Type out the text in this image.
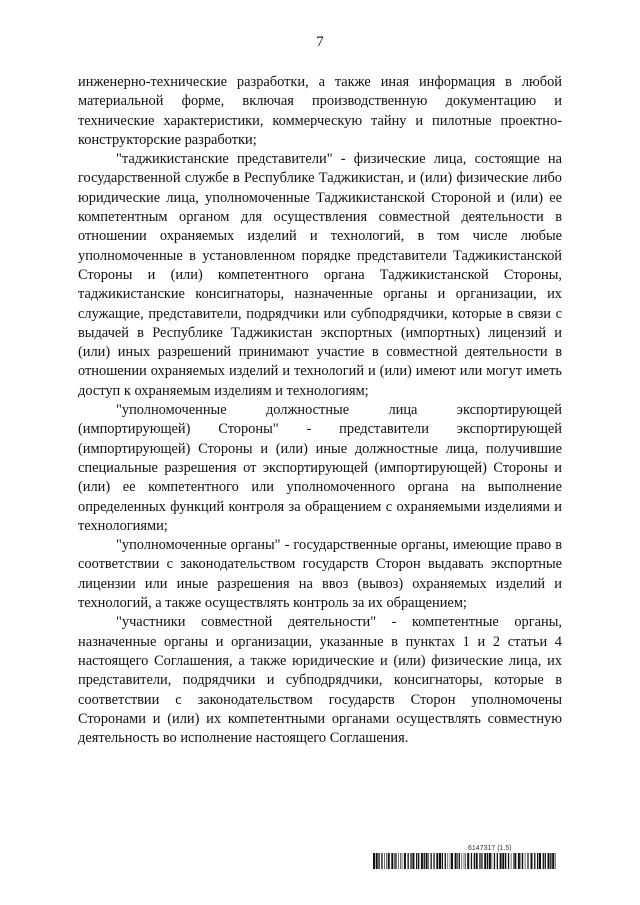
7

инженерно-технические разработки, а также иная информация в любой материальной форме, включая производственную документацию и технические характеристики, коммерческую тайну и пилотные проектно-конструкторские разработки;

"таджикистанские представители" - физические лица, состоящие на государственной службе в Республике Таджикистан, и (или) физические либо юридические лица, уполномоченные Таджикистанской Стороной и (или) ее компетентным органом для осуществления совместной деятельности в отношении охраняемых изделий и технологий, в том числе любые уполномоченные в установленном порядке представители Таджикистанской Стороны и (или) компетентного органа Таджикистанской Стороны, таджикистанские консигнаторы, назначенные органы и организации, их служащие, представители, подрядчики или субподрядчики, которые в связи с выдачей в Республике Таджикистан экспортных (импортных) лицензий и (или) иных разрешений принимают участие в совместной деятельности в отношении охраняемых изделий и технологий и (или) имеют или могут иметь доступ к охраняемым изделиям и технологиям;

"уполномоченные должностные лица экспортирующей (импортирующей) Стороны" - представители экспортирующей (импортирующей) Стороны и (или) иные должностные лица, получившие специальные разрешения от экспортирующей (импортирующей) Стороны и (или) ее компетентного или уполномоченного органа на выполнение определенных функций контроля за обращением с охраняемыми изделиями и технологиями;

"уполномоченные органы" - государственные органы, имеющие право в соответствии с законодательством государств Сторон выдавать экспортные лицензии или иные разрешения на ввоз (вывоз) охраняемых изделий и технологий, а также осуществлять контроль за их обращением;

"участники совместной деятельности" - компетентные органы, назначенные органы и организации, указанные в пунктах 1 и 2 статьи 4 настоящего Соглашения, а также юридические и (или) физические лица, их представители, подрядчики и субподрядчики, консигнаторы, которые в соответствии с законодательством государств Сторон уполномочены Сторонами и (или) их компетентными органами осуществлять совместную деятельность во исполнение настоящего Соглашения.

6147317 (1.5)
